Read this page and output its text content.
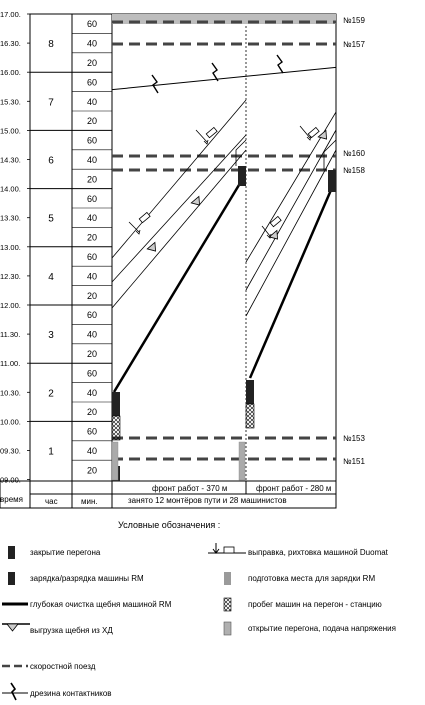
17.00.
16.30.
16.00.
15.30.
15.00.
14.30.
14.00.
13.30.
13.00.
12.30.
12.00.
11.30.
11.00.
10.30.
10.00.
09.30.
09.00.
8
7
6
5
4
3
2
1
60
40
20
60
40
20
60
40
20
60
40
20
60
40
20
60
40
20
60
40
20
60
40
20
№159
№157
№160
№158
№153
№151
время	час	мин.
фронт работ - 370 м	фронт работ - 280 м
занято 12 монтёров пути и 28 машинистов
Условные обозначения :
закрытие перегона
зарядка/разрядка машины RM
глубокая очистка щебня машиной RM
выгрузка щебня из ХД
скоростной поезд
дрезина контактников
выправка, рихтовка машиной Duomat
подготовка места для зарядки RM
пробег машин на перегон - станцию
открытие перегона, подача напряжения
